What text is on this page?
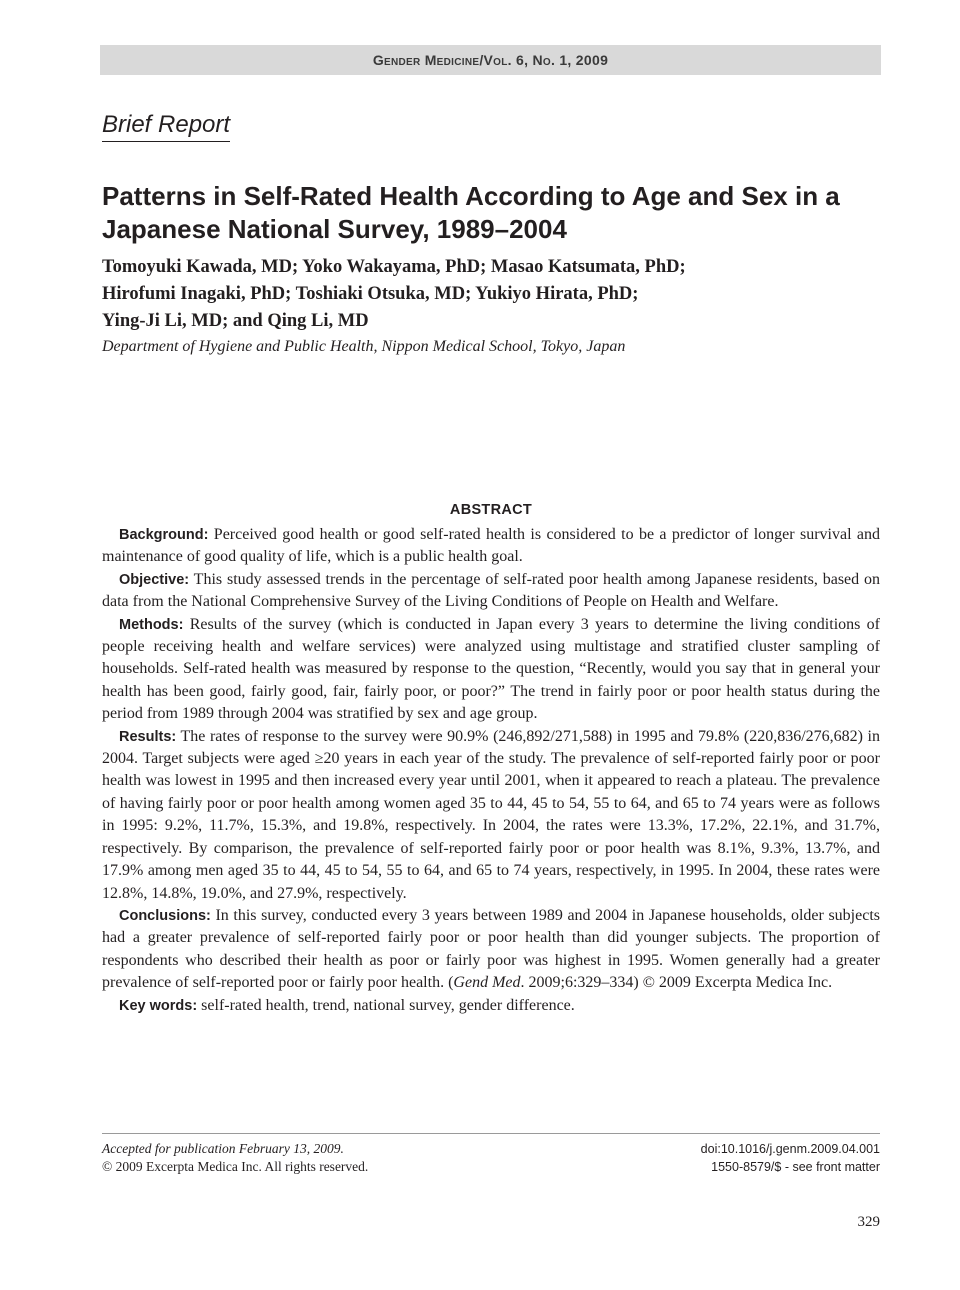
Gender Medicine/Vol. 6, No. 1, 2009
Brief Report
Patterns in Self-Rated Health According to Age and Sex in a Japanese National Survey, 1989–2004
Tomoyuki Kawada, MD; Yoko Wakayama, PhD; Masao Katsumata, PhD;
Hirofumi Inagaki, PhD; Toshiaki Otsuka, MD; Yukiyo Hirata, PhD;
Ying-Ji Li, MD; and Qing Li, MD
Department of Hygiene and Public Health, Nippon Medical School, Tokyo, Japan
ABSTRACT

Background: Perceived good health or good self-rated health is considered to be a predictor of longer survival and maintenance of good quality of life, which is a public health goal.

Objective: This study assessed trends in the percentage of self-rated poor health among Japanese residents, based on data from the National Comprehensive Survey of the Living Conditions of People on Health and Welfare.

Methods: Results of the survey (which is conducted in Japan every 3 years to determine the living conditions of people receiving health and welfare services) were analyzed using multistage and stratified cluster sampling of households. Self-rated health was measured by response to the question, “Recently, would you say that in general your health has been good, fairly good, fair, fairly poor, or poor?” The trend in fairly poor or poor health status during the period from 1989 through 2004 was stratified by sex and age group.

Results: The rates of response to the survey were 90.9% (246,892/271,588) in 1995 and 79.8% (220,836/276,682) in 2004. Target subjects were aged ≥20 years in each year of the study. The prevalence of self-reported fairly poor or poor health was lowest in 1995 and then increased every year until 2001, when it appeared to reach a plateau. The prevalence of having fairly poor or poor health among women aged 35 to 44, 45 to 54, 55 to 64, and 65 to 74 years were as follows in 1995: 9.2%, 11.7%, 15.3%, and 19.8%, respectively. In 2004, the rates were 13.3%, 17.2%, 22.1%, and 31.7%, respectively. By comparison, the prevalence of self-reported fairly poor or poor health was 8.1%, 9.3%, 13.7%, and 17.9% among men aged 35 to 44, 45 to 54, 55 to 64, and 65 to 74 years, respectively, in 1995. In 2004, these rates were 12.8%, 14.8%, 19.0%, and 27.9%, respectively.

Conclusions: In this survey, conducted every 3 years between 1989 and 2004 in Japanese households, older subjects had a greater prevalence of self-reported fairly poor or poor health than did younger subjects. The proportion of respondents who described their health as poor or fairly poor was highest in 1995. Women generally had a greater prevalence of self-reported poor or fairly poor health. (Gend Med. 2009;6:329–334) © 2009 Excerpta Medica Inc.

Key words: self-rated health, trend, national survey, gender difference.

Accepted for publication February 13, 2009.
© 2009 Excerpta Medica Inc. All rights reserved.
doi:10.1016/j.genm.2009.04.001
1550-8579/$ - see front matter
329
